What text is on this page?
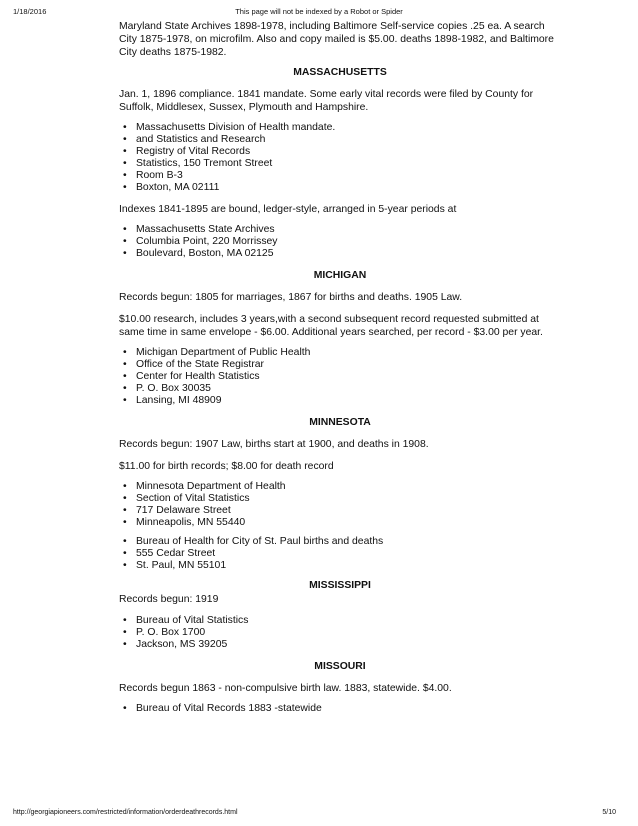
1/18/2016	This page will not be indexed by a Robot or Spider

Maryland State Archives 1898-1978, including Baltimore Self-service copies .25 ea. A search City 1875-1978, on microfilm. Also and copy mailed is $5.00. deaths 1898-1982, and Baltimore City deaths 1875-1982.

MASSACHUSETTS

Jan. 1, 1896 compliance. 1841 mandate. Some early vital records were filed by County for Suffolk, Middlesex, Sussex, Plymouth and Hampshire.

• Massachusetts Division of Health mandate.
• and Statistics and Research
• Registry of Vital Records
• Statistics, 150 Tremont Street
• Room B-3
• Boxton, MA 02111

Indexes 1841-1895 are bound, ledger-style, arranged in 5-year periods at

• Massachusetts State Archives
• Columbia Point, 220 Morrissey
• Boulevard, Boston, MA 02125
MICHIGAN

Records begun: 1805 for marriages, 1867 for births and deaths. 1905 Law.

$10.00 research, includes 3 years,with a second subsequent record requested submitted at same time in same envelope - $6.00. Additional years searched, per record - $3.00 per year.

• Michigan Department of Public Health
• Office of the State Registrar
• Center for Health Statistics
• P. O. Box 30035
• Lansing, MI 48909
MINNESOTA

Records begun: 1907 Law, births start at 1900, and deaths in 1908.

$11.00 for birth records; $8.00 for death record

• Minnesota Department of Health
• Section of Vital Statistics
• 717 Delaware Street
• Minneapolis, MN 55440
• Bureau of Health for City of St. Paul births and deaths
• 555 Cedar Street
• St. Paul, MN 55101
MISSISSIPPI

Records begun: 1919

• Bureau of Vital Statistics
• P. O. Box 1700
• Jackson, MS 39205
MISSOURI

Records begun 1863 - non-compulsive birth law. 1883, statewide. $4.00.

• Bureau of Vital Records 1883 -statewide
http://georgiapioneers.com/restricted/information/orderdeathrecords.html	5/10
